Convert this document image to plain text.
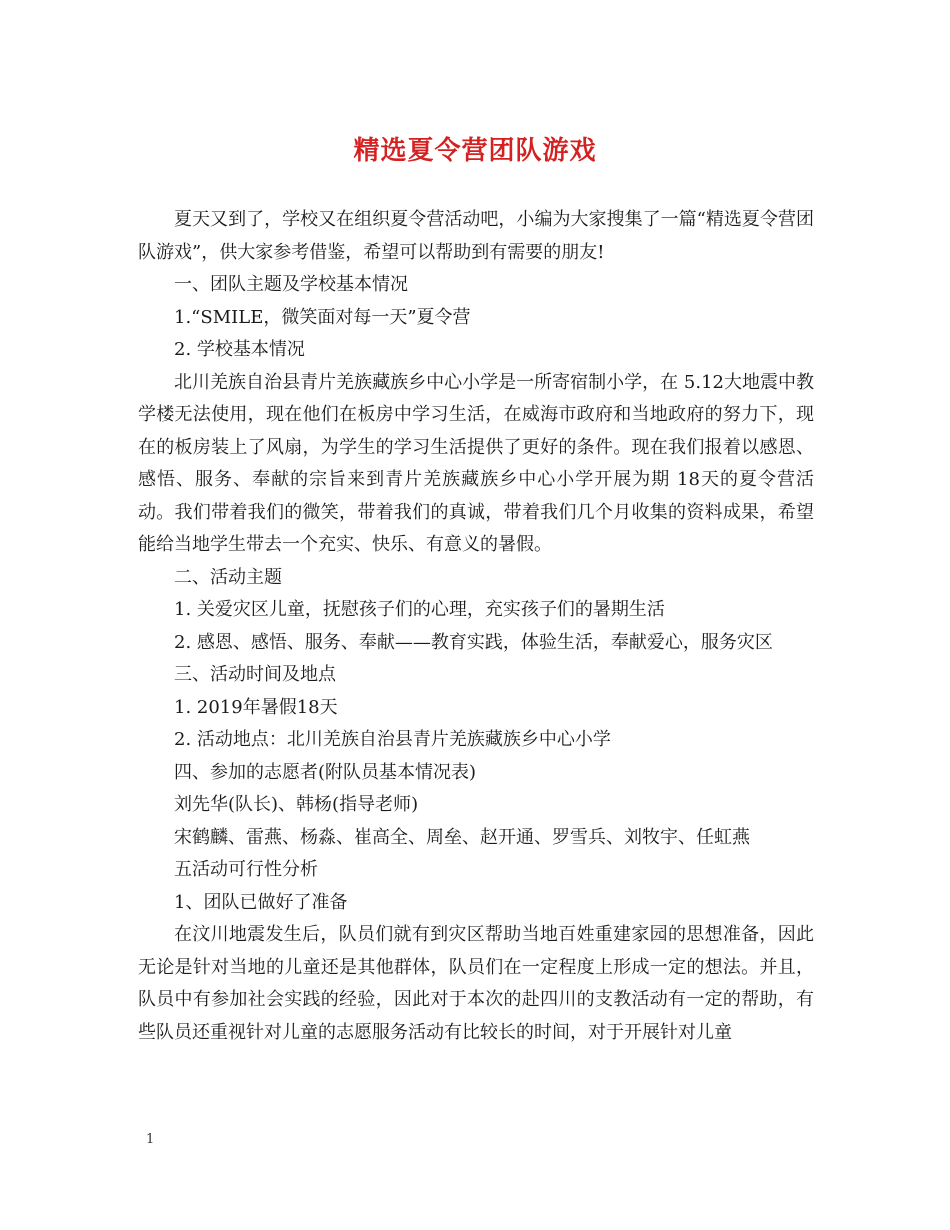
精选夏令营团队游戏

夏天又到了，学校又在组织夏令营活动吧，小编为大家搜集了一篇“精选夏令营团队游戏”，供大家参考借鉴，希望可以帮助到有需要的朋友!

一、团队主题及学校基本情况

1.“SMILE，微笑面对每一天”夏令营

2. 学校基本情况

北川羌族自治县青片羌族藏族乡中心小学是一所寄宿制小学，在 5.12大地震中教学楼无法使用，现在他们在板房中学习生活，在威海市政府和当地政府的努力下，现在的板房装上了风扇，为学生的学习生活提供了更好的条件。现在我们报着以感恩、感悟、服务、奉献的宗旨来到青片羌族藏族乡中心小学开展为期 18天的夏令营活动。我们带着我们的微笑，带着我们的真诚，带着我们几个月收集的资料成果，希望能给当地学生带去一个充实、快乐、有意义的暑假。

二、活动主题

1. 关爱灾区儿童，抚慰孩子们的心理，充实孩子们的暑期生活

2. 感恩、感悟、服务、奉献——教育实践，体验生活，奉献爱心，服务灾区

三、活动时间及地点

1. 2019年暑假18天

2. 活动地点：北川羌族自治县青片羌族藏族乡中心小学

四、参加的志愿者(附队员基本情况表)

刘先华(队长)、韩杨(指导老师)

宋鹤麟、雷燕、杨淼、崔高全、周垒、赵开通、罗雪兵、刘牧宇、任虹燕

五活动可行性分析

1、团队已做好了准备

在汶川地震发生后，队员们就有到灾区帮助当地百姓重建家园的思想准备，因此无论是针对当地的儿童还是其他群体，队员们在一定程度上形成一定的想法。并且，队员中有参加社会实践的经验，因此对于本次的赴四川的支教活动有一定的帮助，有些队员还重视针对儿童的志愿服务活动有比较长的时间，对于开展针对儿童

1
